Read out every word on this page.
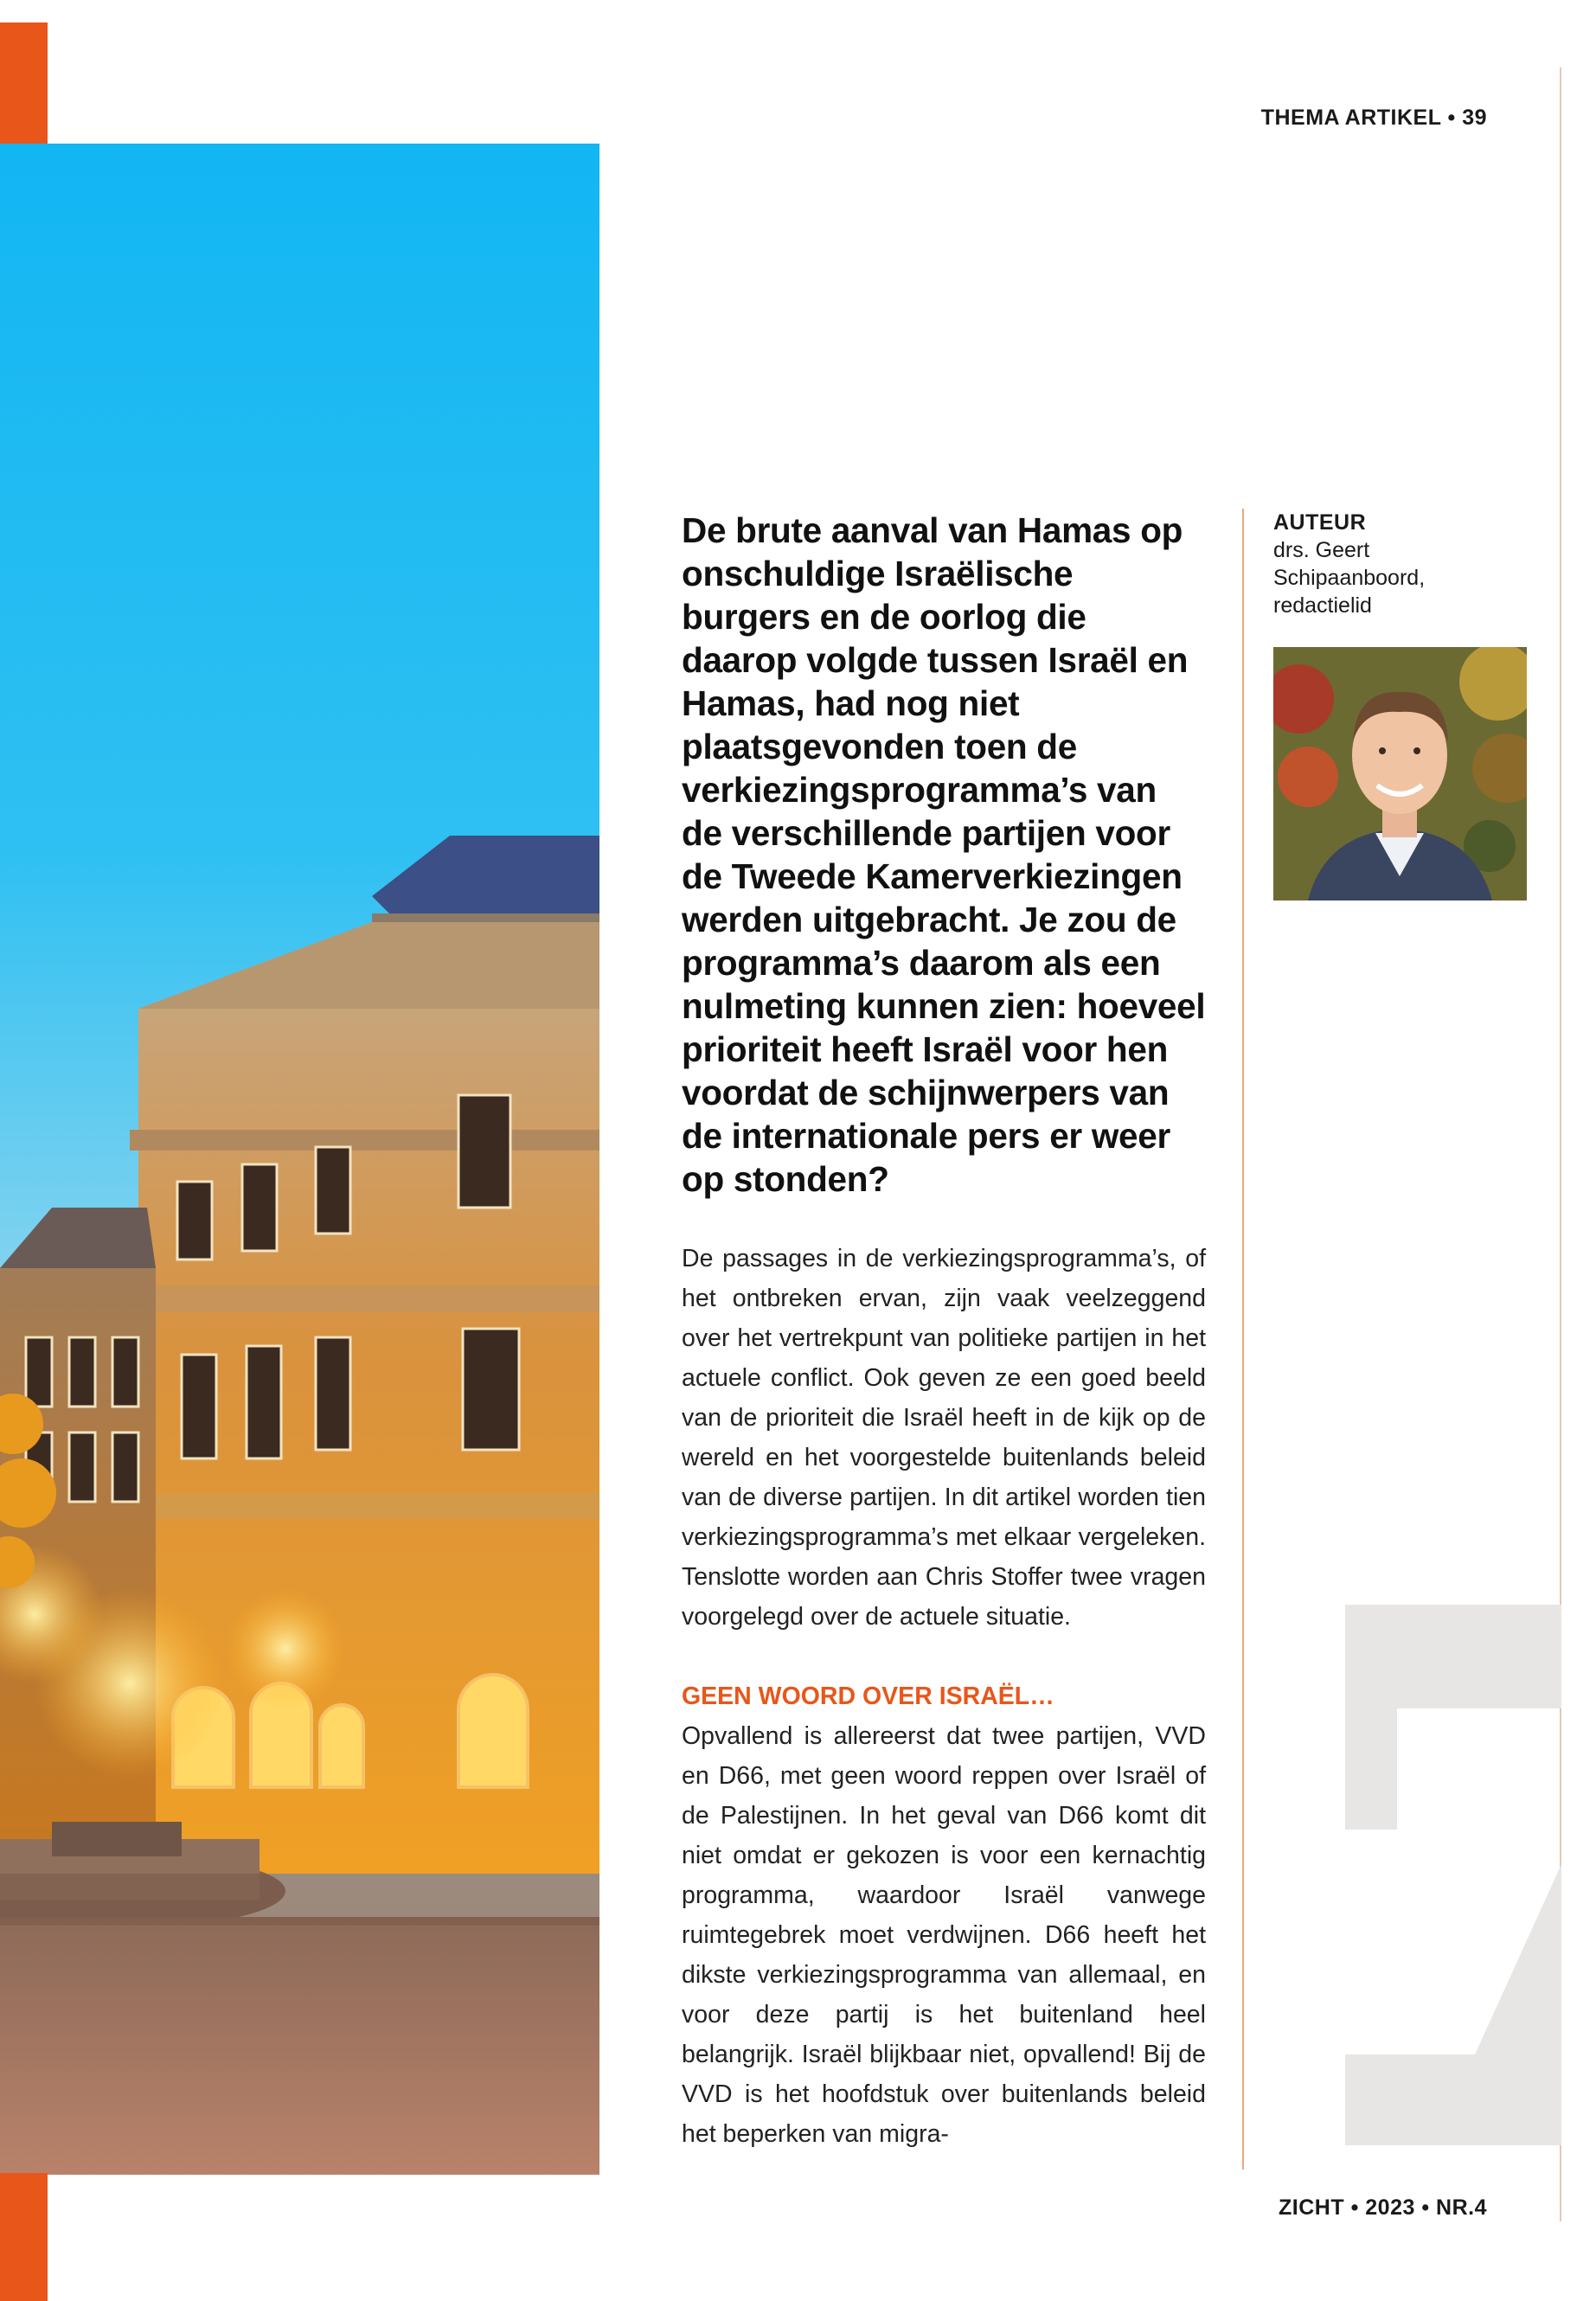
THEMA ARTIKEL • 39
AUTEUR
drs. Geert
Schipaanboord,
redactielid
De brute aanval van Hamas op onschuldige Israëlische burgers en de oorlog die daarop volgde tussen Israël en Hamas, had nog niet plaatsgevonden toen de verkiezingsprogramma’s van de verschillende partijen voor de Tweede Kamerverkiezingen werden uitgebracht. Je zou de programma’s daarom als een nulmeting kunnen zien: hoeveel prioriteit heeft Israël voor hen voordat de schijnwerpers van de internationale pers er weer op stonden?
De passages in de verkiezingsprogramma’s, of het ontbreken ervan, zijn vaak veelzeggend over het vertrekpunt van politieke partijen in het actuele conflict. Ook geven ze een goed beeld van de prioriteit die Israël heeft in de kijk op de wereld en het voorgestelde buitenlands beleid van de diverse partijen. In dit artikel worden tien verkiezingsprogramma’s met elkaar vergeleken. Tenslotte worden aan Chris Stoffer twee vragen voorgelegd over de actuele situatie.
GEEN WOORD OVER ISRAËL…
Opvallend is allereerst dat twee partijen, VVD en D66, met geen woord reppen over Israël of de Palestijnen. In het geval van D66 komt dit niet omdat er gekozen is voor een kernachtig programma, waardoor Israël vanwege ruimtegebrek moet verdwijnen. D66 heeft het dikste verkiezingsprogramma van allemaal, en voor deze partij is het buitenland heel belangrijk. Israël blijkbaar niet, opvallend! Bij de VVD is het hoofdstuk over buitenlands beleid het beperken van migra-
ZICHT • 2023 • NR.4
